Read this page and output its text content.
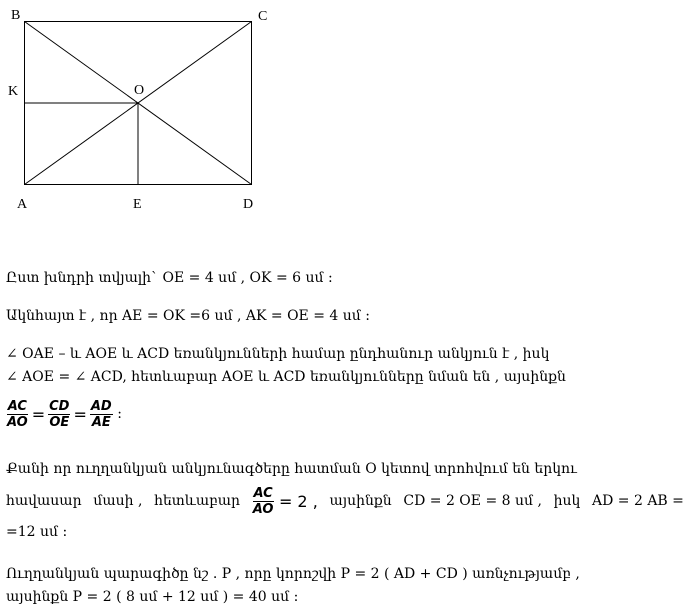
B	C
K	O
A	E	D
Ըստ խնդրի տվյալի` OE = 4 սմ , OK = 6 սմ :
Ակնհայտ է , որ AE = OK =6 սմ , AK = OE = 4 սմ :
∠ OAE – և AOE և ACD եռանկյունների համար ընդհանուր անկյուն է , իսկ
∠ AOE = ∠ ACD, հետևաբար AOE և ACD եռանկյունները նման են , այսինքն
$\frac{AC}{AO} = \frac{CD}{OE} = \frac{AD}{AE}$ :
Քանի որ ուղղանկյան անկյունագծերը հատման O կետով տրոհվում են երկու
հավասար մասի , հետևաբար $\frac{AC}{AO} = 2$ , այսինքն CD = 2 OE = 8 սմ , իսկ AD = 2 AB =
=12 սմ :
Ուղղանկյան պարագիծը նշ . P , որը կորոշվի P = 2 ( AD + CD ) առնչությամբ ,
այսինքն P = 2 ( 8 սմ + 12 սմ ) = 40 սմ :
